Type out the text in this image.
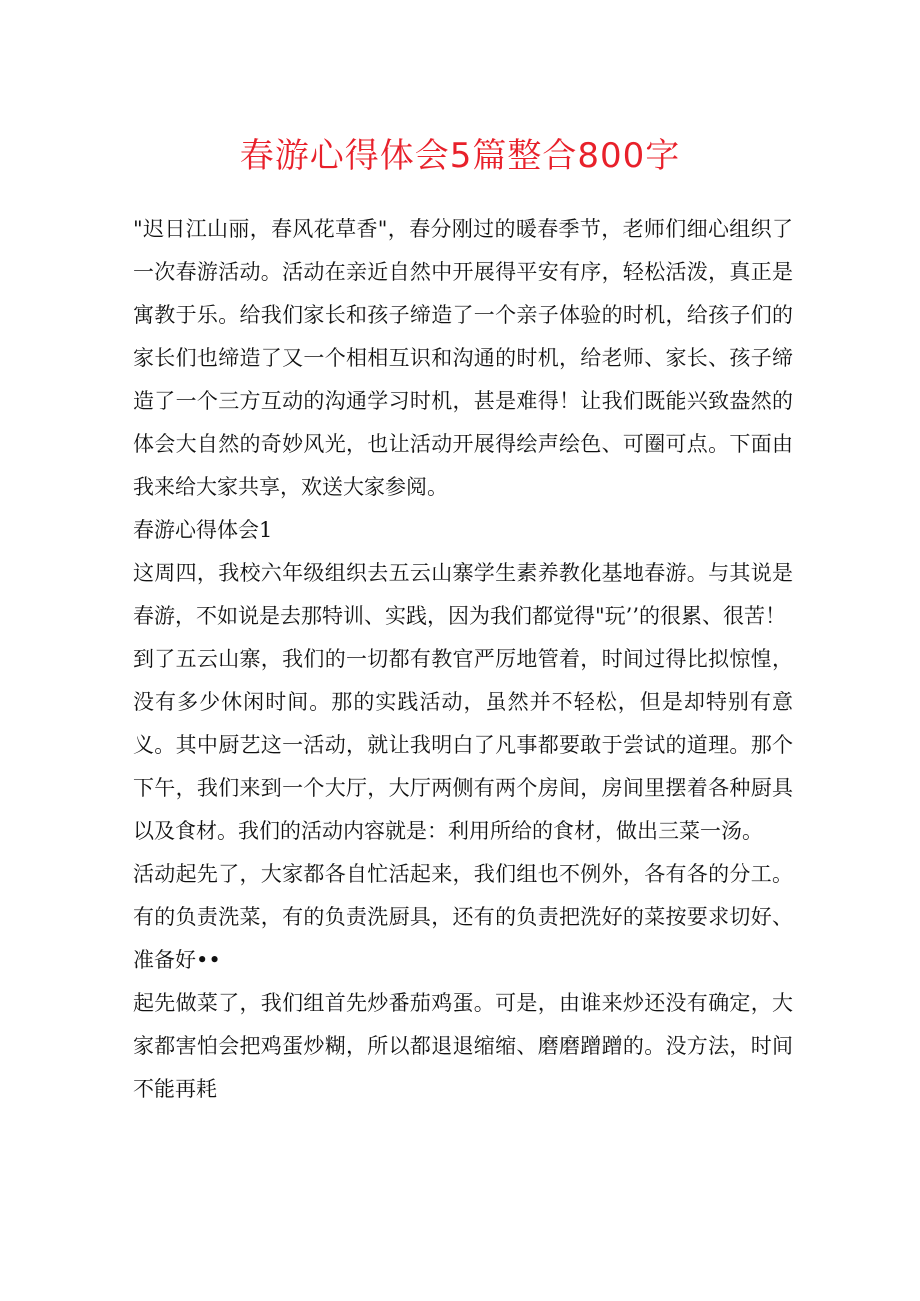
春游心得体会5篇整合800字

"迟日江山丽，春风花草香"，春分刚过的暖春季节，老师们细心组织了一次春游活动。活动在亲近自然中开展得平安有序，轻松活泼，真正是寓教于乐。给我们家长和孩子缔造了一个亲子体验的时机，给孩子们的家长们也缔造了又一个相相互识和沟通的时机，给老师、家长、孩子缔造了一个三方互动的沟通学习时机，甚是难得！让我们既能兴致盎然的体会大自然的奇妙风光，也让活动开展得绘声绘色、可圈可点。下面由我来给大家共享，欢送大家参阅。

春游心得体会1

这周四，我校六年级组织去五云山寨学生素养教化基地春游。与其说是春游，不如说是去那特训、实践，因为我们都觉得"玩’’的很累、很苦！

到了五云山寨，我们的一切都有教官严厉地管着，时间过得比拟惊惶，没有多少休闲时间。那的实践活动，虽然并不轻松，但是却特别有意义。其中厨艺这一活动，就让我明白了凡事都要敢于尝试的道理。那个下午，我们来到一个大厅，大厅两侧有两个房间，房间里摆着各种厨具以及食材。我们的活动内容就是：利用所给的食材，做出三菜一汤。

活动起先了，大家都各自忙活起来，我们组也不例外，各有各的分工。有的负责洗菜，有的负责洗厨具，还有的负责把洗好的菜按要求切好、准备好••

起先做菜了，我们组首先炒番茄鸡蛋。可是，由谁来炒还没有确定，大家都害怕会把鸡蛋炒糊，所以都退退缩缩、磨磨蹭蹭的。没方法，时间不能再耗
